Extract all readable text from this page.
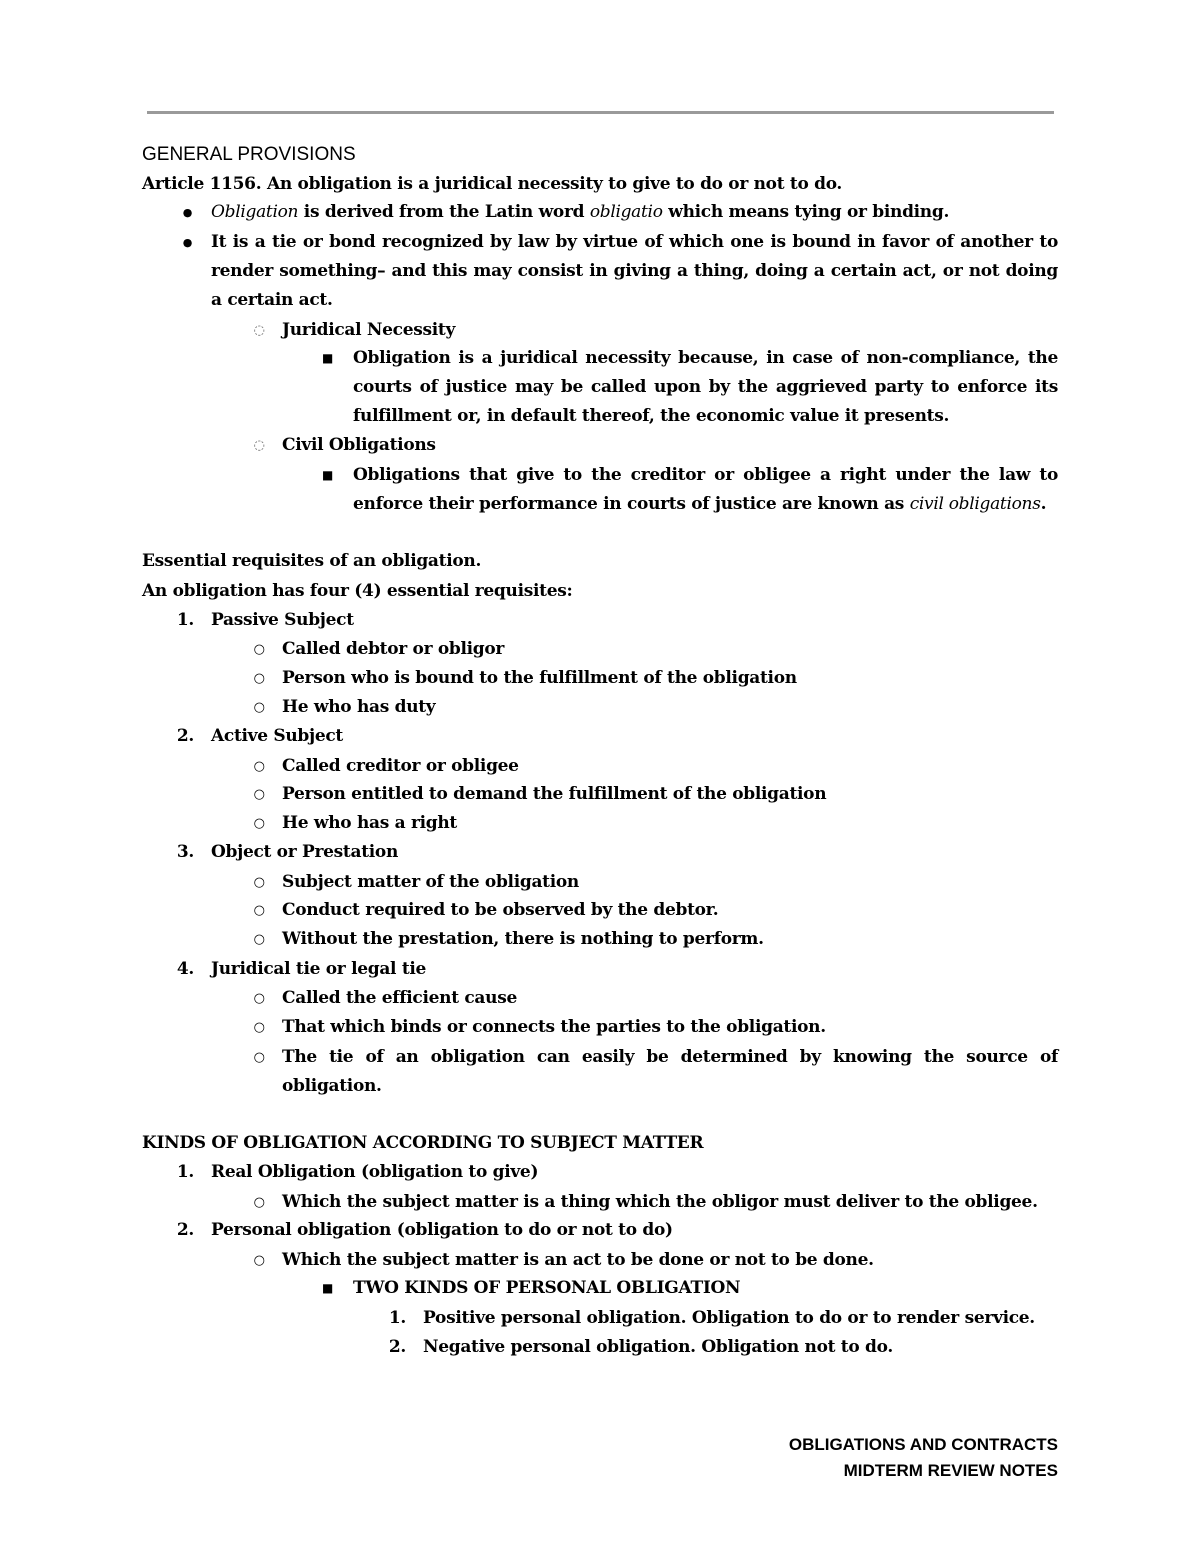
GENERAL PROVISIONS
Article 1156. An obligation is a juridical necessity to give to do or not to do.
● Obligation is derived from the Latin word obligatio which means tying or binding.
● It is a tie or bond recognized by law by virtue of which one is bound in favor of another to render something– and this may consist in giving a thing, doing a certain act, or not doing a certain act.
◌ Juridical Necessity
■ Obligation is a juridical necessity because, in case of non-compliance, the courts of justice may be called upon by the aggrieved party to enforce its fulfillment or, in default thereof, the economic value it presents.
◌ Civil Obligations
■ Obligations that give to the creditor or obligee a right under the law to enforce their performance in courts of justice are known as civil obligations.
Essential requisites of an obligation.
An obligation has four (4) essential requisites:
1. Passive Subject
○ Called debtor or obligor
○ Person who is bound to the fulfillment of the obligation
○ He who has duty
2. Active Subject
○ Called creditor or obligee
○ Person entitled to demand the fulfillment of the obligation
○ He who has a right
3. Object or Prestation
○ Subject matter of the obligation
○ Conduct required to be observed by the debtor.
○ Without the prestation, there is nothing to perform.
4. Juridical tie or legal tie
○ Called the efficient cause
○ That which binds or connects the parties to the obligation.
○ The tie of an obligation can easily be determined by knowing the source of obligation.
KINDS OF OBLIGATION ACCORDING TO SUBJECT MATTER
1. Real Obligation (obligation to give)
○ Which the subject matter is a thing which the obligor must deliver to the obligee.
2. Personal obligation (obligation to do or not to do)
○ Which the subject matter is an act to be done or not to be done.
■ TWO KINDS OF PERSONAL OBLIGATION
1. Positive personal obligation. Obligation to do or to render service.
2. Negative personal obligation. Obligation not to do.
OBLIGATIONS AND CONTRACTS
MIDTERM REVIEW NOTES
